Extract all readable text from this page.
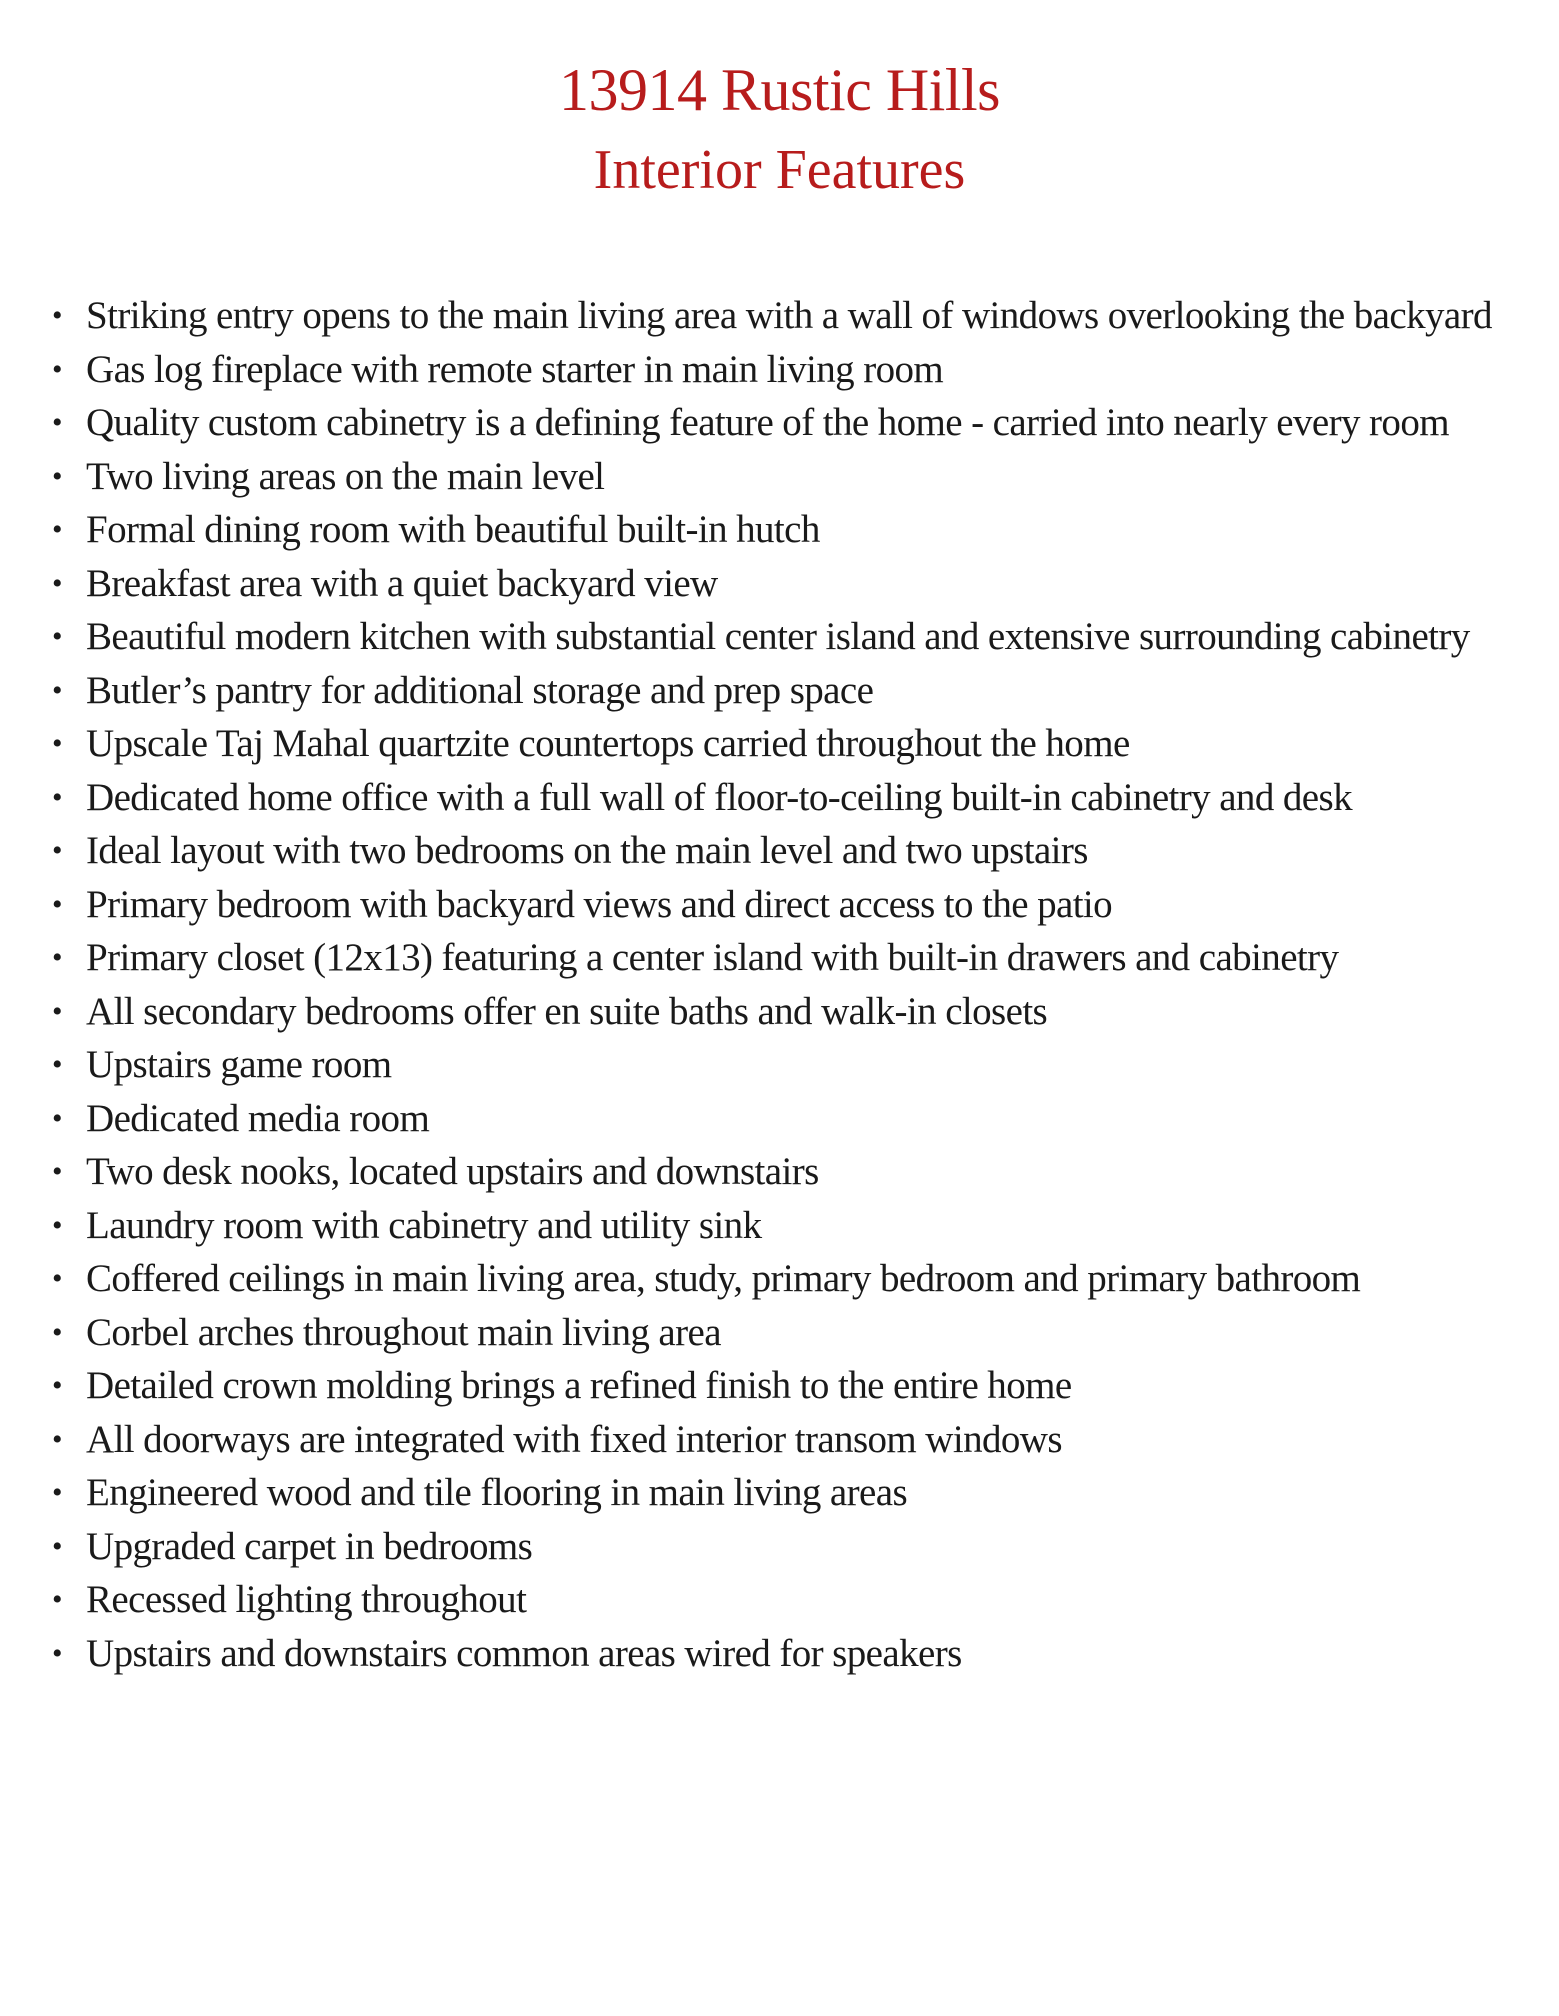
13914 Rustic Hills
Interior Features
• Striking entry opens to the main living area with a wall of windows overlooking the backyard
• Gas log fireplace with remote starter in main living room
• Quality custom cabinetry is a defining feature of the home - carried into nearly every room
• Two living areas on the main level
• Formal dining room with beautiful built-in hutch
• Breakfast area with a quiet backyard view
• Beautiful modern kitchen with substantial center island and extensive surrounding cabinetry
• Butler’s pantry for additional storage and prep space
• Upscale Taj Mahal quartzite countertops carried throughout the home
• Dedicated home office with a full wall of floor-to-ceiling built-in cabinetry and desk
• Ideal layout with two bedrooms on the main level and two upstairs
• Primary bedroom with backyard views and direct access to the patio
• Primary closet (12x13) featuring a center island with built-in drawers and cabinetry
• All secondary bedrooms offer en suite baths and walk-in closets
• Upstairs game room
• Dedicated media room
• Two desk nooks, located upstairs and downstairs
• Laundry room with cabinetry and utility sink
• Coffered ceilings in main living area, study, primary bedroom and primary bathroom
• Corbel arches throughout main living area
• Detailed crown molding brings a refined finish to the entire home
• All doorways are integrated with fixed interior transom windows
• Engineered wood and tile flooring in main living areas
• Upgraded carpet in bedrooms
• Recessed lighting throughout
• Upstairs and downstairs common areas wired for speakers
